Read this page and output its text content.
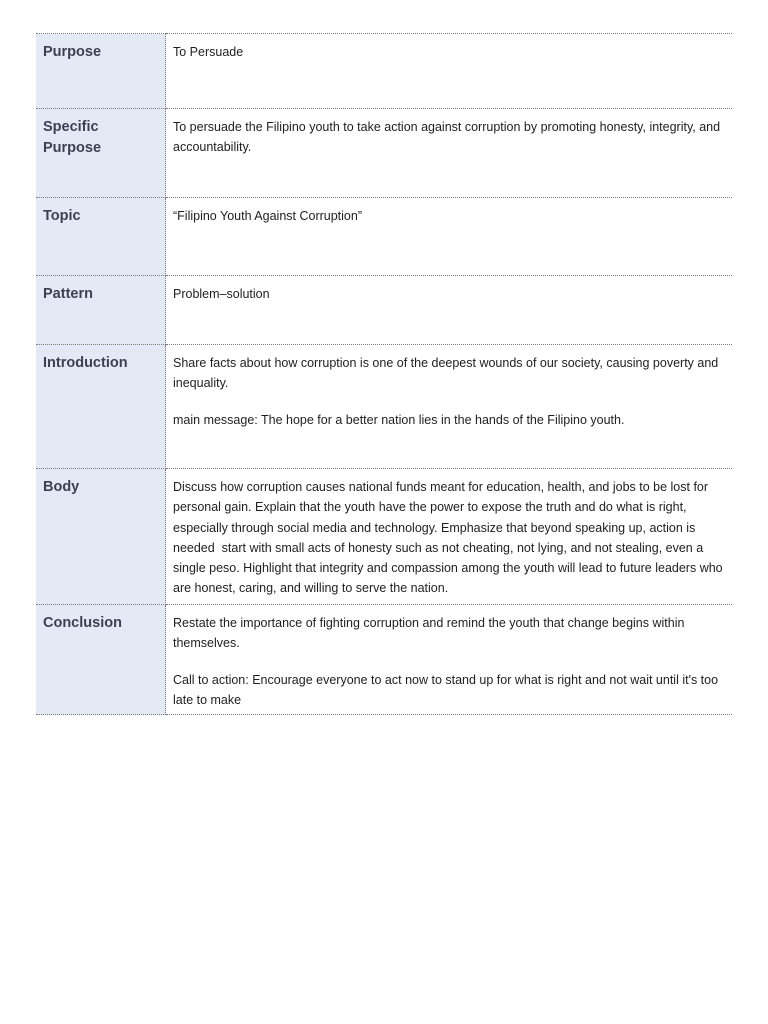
Purpose	To Persuade

Specific Purpose	To persuade the Filipino youth to take action against corruption by promoting honesty, integrity, and accountability.

Topic	“Filipino Youth Against Corruption”

Pattern	Problem–solution

Introduction	Share facts about how corruption is one of the deepest wounds of our society, causing poverty and inequality.

main message: The hope for a better nation lies in the hands of the Filipino youth.

Body	Discuss how corruption causes national funds meant for education, health, and jobs to be lost for personal gain. Explain that the youth have the power to expose the truth and do what is right, especially through social media and technology. Emphasize that beyond speaking up, action is needed  start with small acts of honesty such as not cheating, not lying, and not stealing, even a single peso. Highlight that integrity and compassion among the youth will lead to future leaders who are honest, caring, and willing to serve the nation.

Conclusion	Restate the importance of fighting corruption and remind the youth that change begins within themselves.

Call to action: Encourage everyone to act now to stand up for what is right and not wait until it's too late to make
